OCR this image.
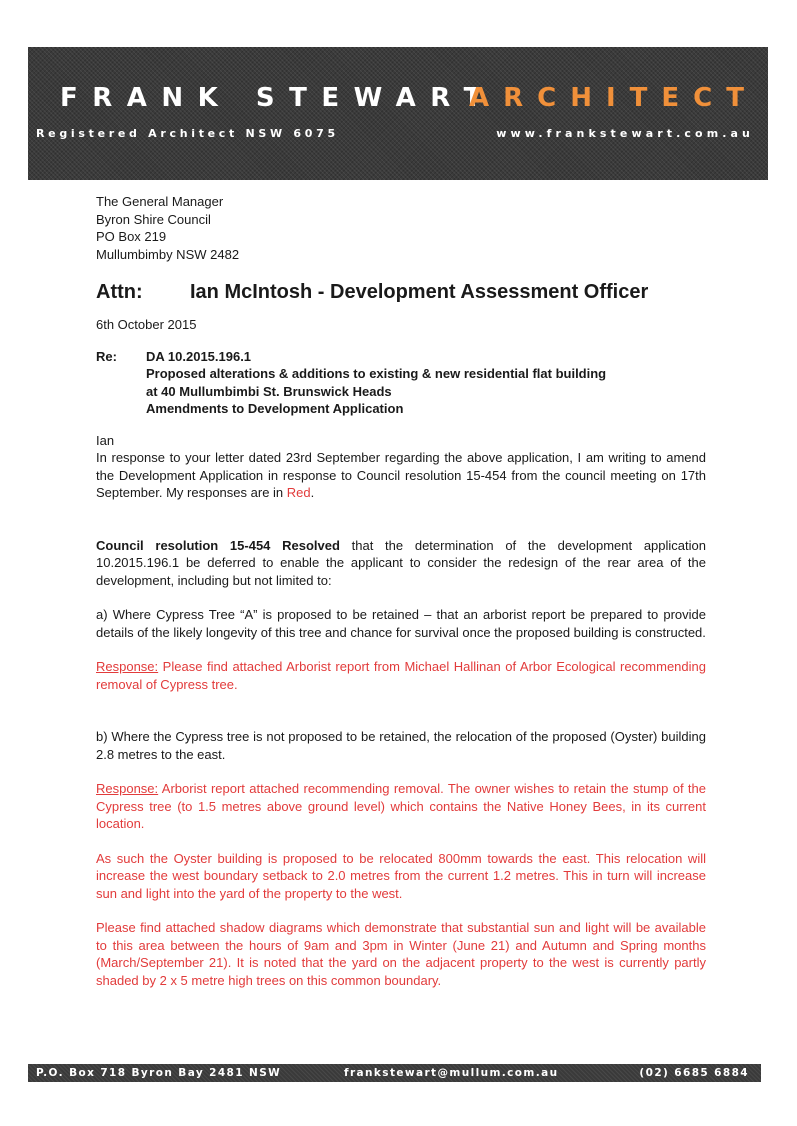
FRANK STEWART
ARCHITECT
Registered Architect NSW 6075	www.frankstewart.com.au
The General Manager
Byron Shire Council
PO Box 219
Mullumbimby NSW 2482
Attn: Ian McIntosh - Development Assessment Officer
6th October 2015
Re:	DA 10.2015.196.1
Proposed alterations & additions to existing & new residential flat building
at 40 Mullumbimbi St. Brunswick Heads
Amendments to Development Application
Ian

In response to your letter dated 23rd September regarding the above application, I am writing to amend the Development Application in response to Council resolution 15-454 from the council meeting on 17th September. My responses are in Red.

Council resolution 15-454 Resolved that the determination of the development application 10.2015.196.1 be deferred to enable the applicant to consider the redesign of the rear area of the development, including but not limited to:

a) Where Cypress Tree “A” is proposed to be retained – that an arborist report be prepared to provide details of the likely longevity of this tree and chance for survival once the proposed building is constructed.

Response: Please find attached Arborist report from Michael Hallinan of Arbor Ecological recommending removal of Cypress tree.

b) Where the Cypress tree is not proposed to be retained, the relocation of the proposed (Oyster) building 2.8 metres to the east.

Response: Arborist report attached recommending removal. The owner wishes to retain the stump of the Cypress tree (to 1.5 metres above ground level) which contains the Native Honey Bees, in its current location.

As such the Oyster building is proposed to be relocated 800mm towards the east. This relocation will increase the west boundary setback to 2.0 metres from the current 1.2 metres. This in turn will increase sun and light into the yard of the property to the west.

Please find attached shadow diagrams which demonstrate that substantial sun and light will be available to this area between the hours of 9am and 3pm in Winter (June 21) and Autumn and Spring months (March/September 21). It is noted that the yard on the adjacent property to the west is currently partly shaded by 2 x 5 metre high trees on this common boundary.

P.O. Box 718 Byron Bay 2481 NSW	frankstewart@mullum.com.au	(02) 6685 6884
